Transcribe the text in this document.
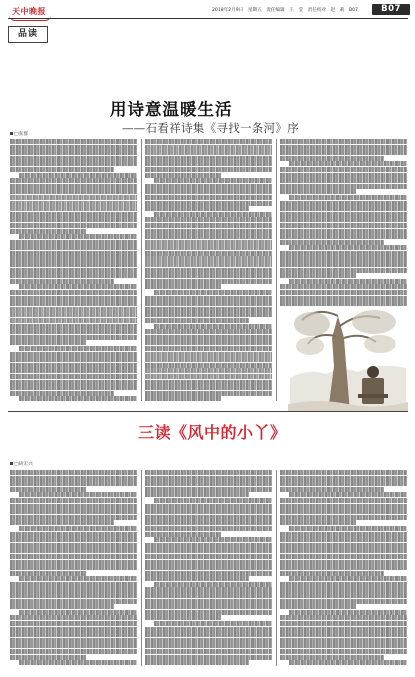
天中晚报	2018年2月9日　星期五　责任编辑　王　莹　责任校对　赵　莉　B07	B07
品读
用诗意温暖生活
——石看祥诗集《寻找一条河》序
□张群
三读《风中的小丫》
□胡宏兴
